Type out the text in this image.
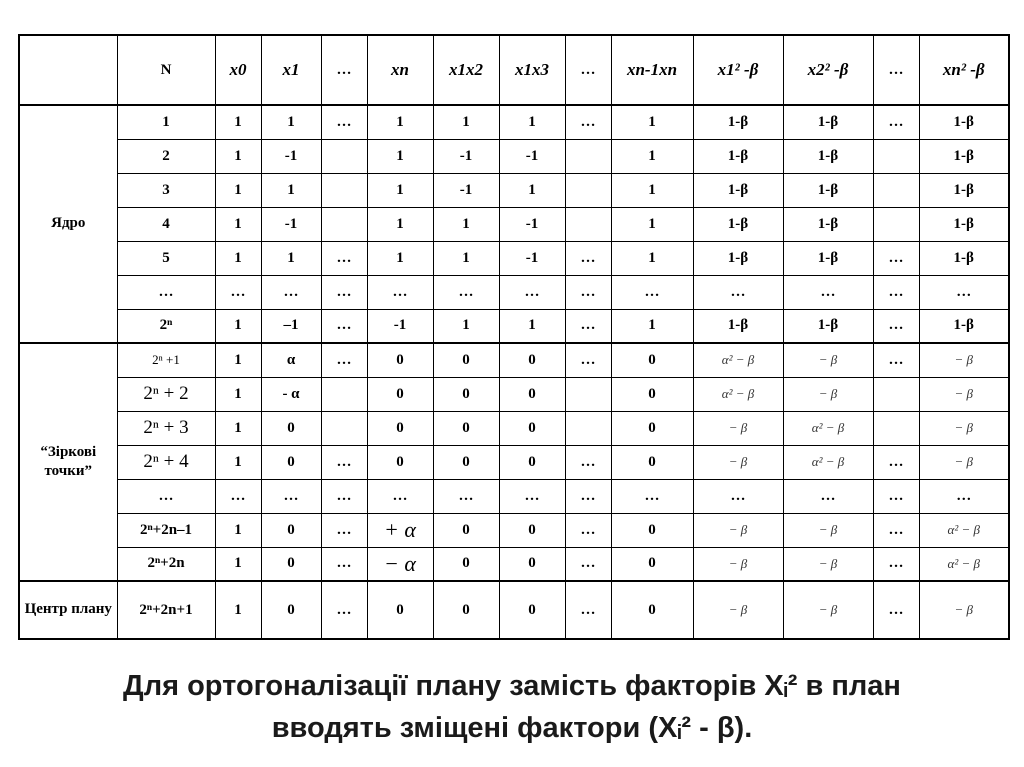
	N	x0	x1	…	xn	x1x2	x1x3	…	xn-1xn	x1² -β	x2² -β	…	xn² -β
Ядро	1	1	1	…	1	1	1	…	1	1-β	1-β	…	1-β
	2	1	-1		1	-1	-1		1	1-β	1-β		1-β
	3	1	1		1	-1	1		1	1-β	1-β		1-β
	4	1	-1		1	1	-1		1	1-β	1-β		1-β
	5	1	1	…	1	1	-1	…	1	1-β	1-β	…	1-β
	…	…	…	…	…	…	…	…	…	…	…	…	…
	2ⁿ	1	–1	…	-1	1	1	…	1	1-β	1-β	…	1-β
“Зіркові точки”	2ⁿ +1	1	α	…	0	0	0	…	0	α² − β	− β	…	− β
	2ⁿ + 2	1	- α		0	0	0		0	α² − β	− β		− β
	2ⁿ + 3	1	0		0	0	0		0	− β	α² − β		− β
	2ⁿ + 4	1	0	…	0	0	0	…	0	− β	α² − β	…	− β
	…	…	…	…	…	…	…	…	…	…	…	…	…
	2ⁿ+2n–1	1	0	…	+ α	0	0	…	0	− β	− β	…	α² − β
	2ⁿ+2n	1	0	…	− α	0	0	…	0	− β	− β	…	α² − β
Центр плану	2ⁿ+2n+1	1	0	…	0	0	0	…	0	− β	− β	…	− β
Для ортогоналізації плану замість факторів Xᵢ² в план
вводять зміщені фактори (Xᵢ² - β).
